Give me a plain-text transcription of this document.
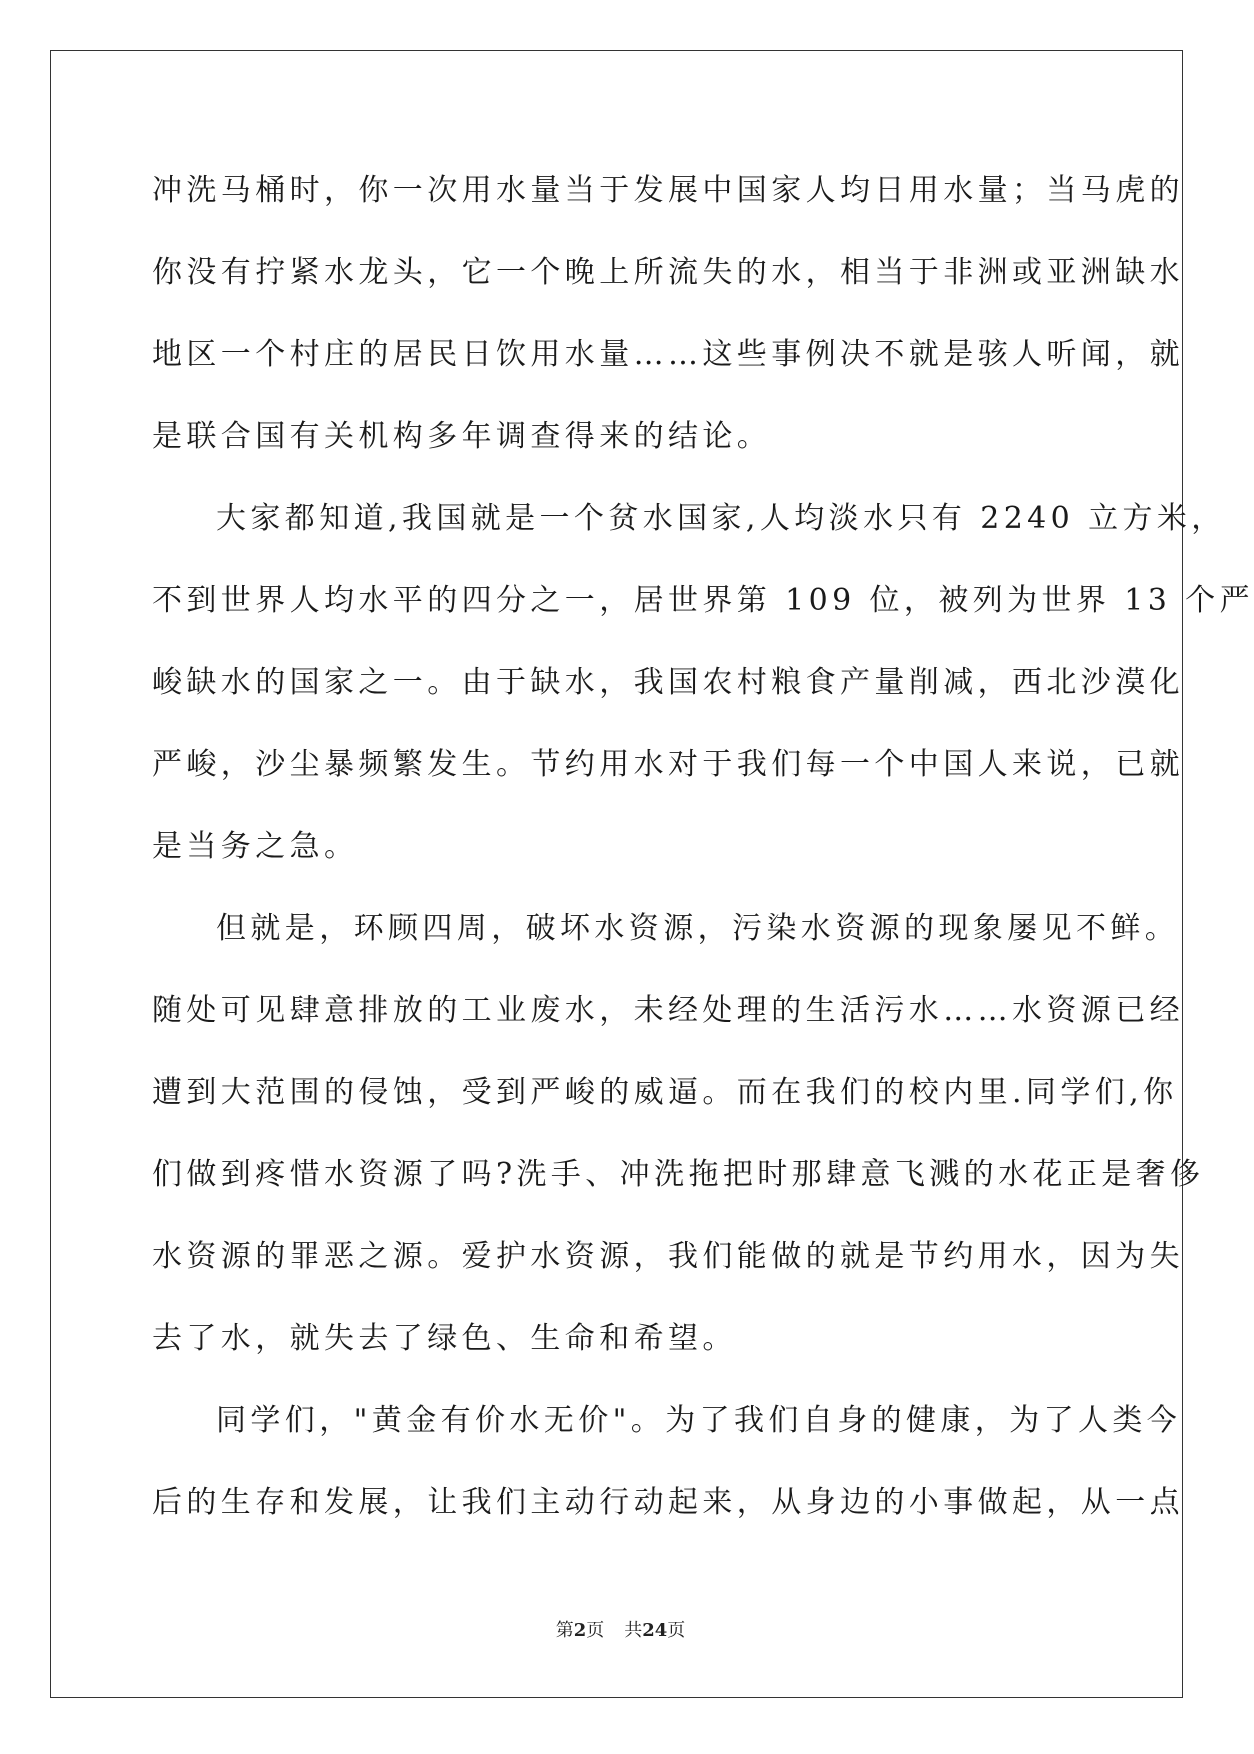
冲洗马桶时，你一次用水量当于发展中国家人均日用水量；当马虎的
你没有拧紧水龙头，它一个晚上所流失的水，相当于非洲或亚洲缺水
地区一个村庄的居民日饮用水量……这些事例决不就是骇人听闻，就
是联合国有关机构多年调查得来的结论。
大家都知道,我国就是一个贫水国家,人均淡水只有 2240 立方米，
不到世界人均水平的四分之一，居世界第 109 位，被列为世界 13 个严
峻缺水的国家之一。由于缺水，我国农村粮食产量削减，西北沙漠化
严峻，沙尘暴频繁发生。节约用水对于我们每一个中国人来说，已就
是当务之急。
但就是，环顾四周，破坏水资源，污染水资源的现象屡见不鲜。
随处可见肆意排放的工业废水，未经处理的生活污水……水资源已经
遭到大范围的侵蚀，受到严峻的威逼。而在我们的校内里.同学们,你
们做到疼惜水资源了吗?洗手、冲洗拖把时那肆意飞溅的水花正是奢侈
水资源的罪恶之源。爱护水资源，我们能做的就是节约用水，因为失
去了水，就失去了绿色、生命和希望。
同学们，"黄金有价水无价"。为了我们自身的健康，为了人类今
后的生存和发展，让我们主动行动起来，从身边的小事做起，从一点
第2页 共24页
